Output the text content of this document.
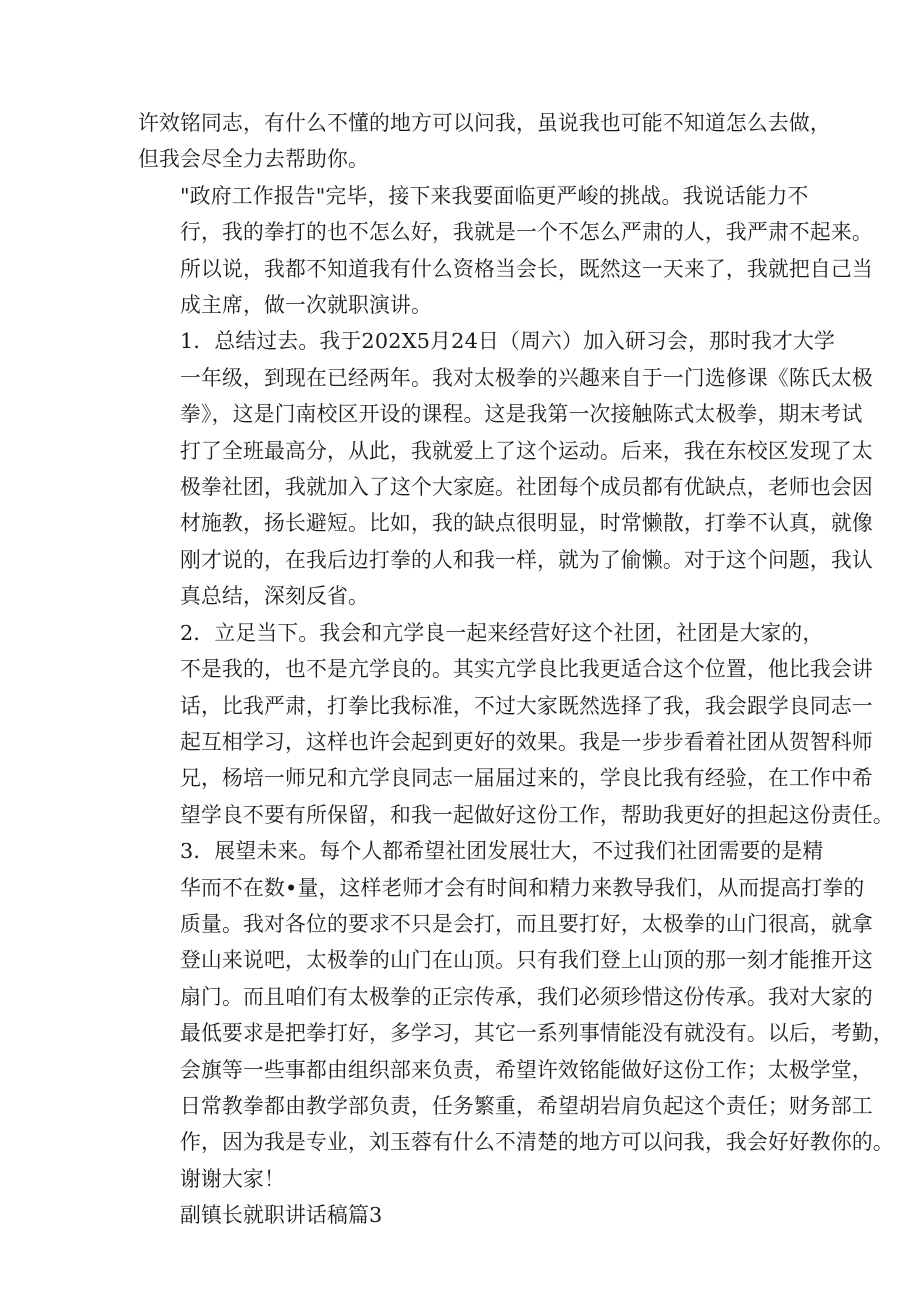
许效铭同志，有什么不懂的地方可以问我，虽说我也可能不知道怎么去做，
但我会尽全力去帮助你。

"政府工作报告"完毕，接下来我要面临更严峻的挑战。我说话能力不
行，我的拳打的也不怎么好，我就是一个不怎么严肃的人，我严肃不起来。
所以说，我都不知道我有什么资格当会长，既然这一天来了，我就把自己当
成主席，做一次就职演讲。

1．总结过去。我于202X5月24日（周六）加入研习会，那时我才大学
一年级，到现在已经两年。我对太极拳的兴趣来自于一门选修课《陈氏太极
拳》，这是门南校区开设的课程。这是我第一次接触陈式太极拳，期末考试
打了全班最高分，从此，我就爱上了这个运动。后来，我在东校区发现了太
极拳社团，我就加入了这个大家庭。社团每个成员都有优缺点，老师也会因
材施教，扬长避短。比如，我的缺点很明显，时常懒散，打拳不认真，就像
刚才说的，在我后边打拳的人和我一样，就为了偷懒。对于这个问题，我认
真总结，深刻反省。

2．立足当下。我会和亢学良一起来经营好这个社团，社团是大家的，
不是我的，也不是亢学良的。其实亢学良比我更适合这个位置，他比我会讲
话，比我严肃，打拳比我标准，不过大家既然选择了我，我会跟学良同志一
起互相学习，这样也许会起到更好的效果。我是一步步看着社团从贺智科师
兄，杨培一师兄和亢学良同志一届届过来的，学良比我有经验，在工作中希
望学良不要有所保留，和我一起做好这份工作，帮助我更好的担起这份责任。

3．展望未来。每个人都希望社团发展壮大，不过我们社团需要的是精
华而不在数•量，这样老师才会有时间和精力来教导我们，从而提高打拳的
质量。我对各位的要求不只是会打，而且要打好，太极拳的山门很高，就拿
登山来说吧，太极拳的山门在山顶。只有我们登上山顶的那一刻才能推开这
扇门。而且咱们有太极拳的正宗传承，我们必须珍惜这份传承。我对大家的
最低要求是把拳打好，多学习，其它一系列事情能没有就没有。以后，考勤，
会旗等一些事都由组织部来负责，希望许效铭能做好这份工作；太极学堂，
日常教拳都由教学部负责，任务繁重，希望胡岩肩负起这个责任；财务部工
作，因为我是专业，刘玉蓉有什么不清楚的地方可以问我，我会好好教你的。

谢谢大家！

副镇长就职讲话稿篇3
